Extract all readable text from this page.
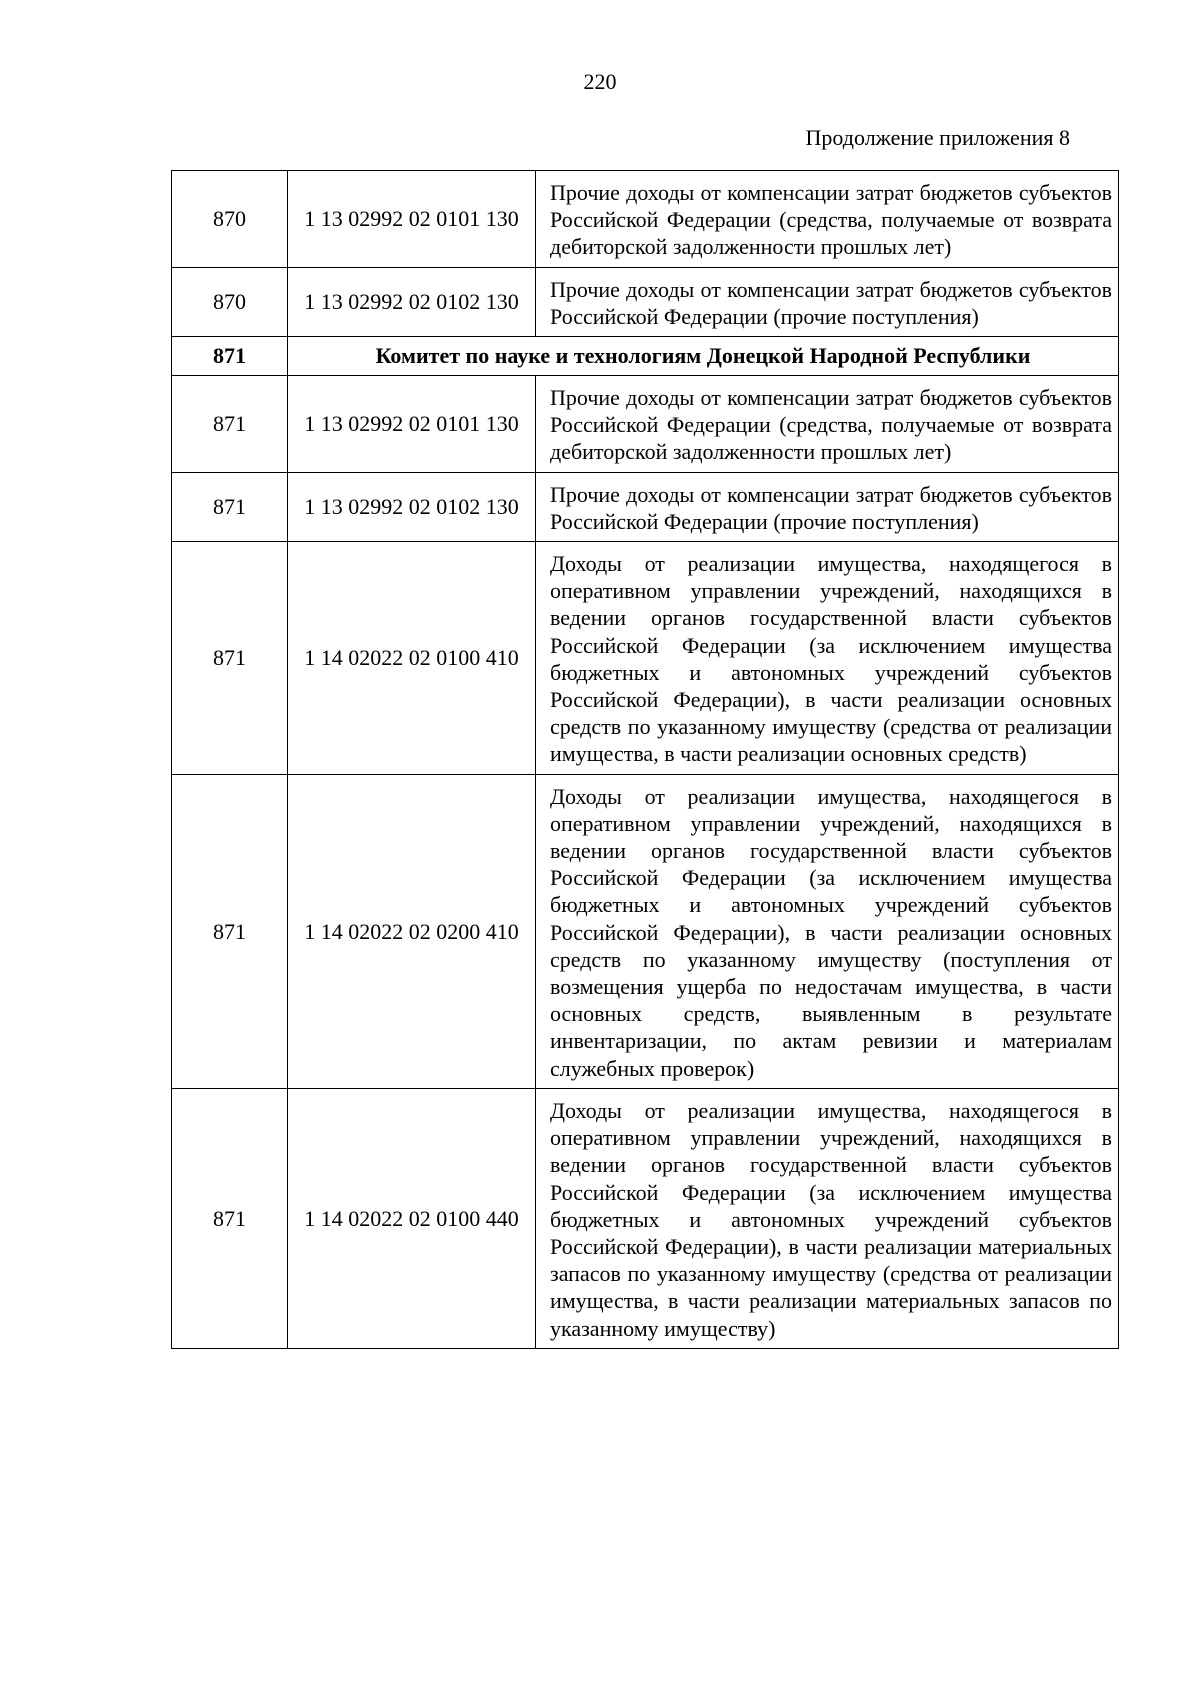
220
Продолжение приложения 8
870	1 13 02992 02 0101 130	Прочие доходы от компенсации затрат бюджетов субъектов Российской Федерации (средства, получаемые от возврата дебиторской задолженности прошлых лет)
870	1 13 02992 02 0102 130	Прочие доходы от компенсации затрат бюджетов субъектов Российской Федерации (прочие поступления)
871	Комитет по науке и технологиям Донецкой Народной Республики	
871	1 13 02992 02 0101 130	Прочие доходы от компенсации затрат бюджетов субъектов Российской Федерации (средства, получаемые от возврата дебиторской задолженности прошлых лет)
871	1 13 02992 02 0102 130	Прочие доходы от компенсации затрат бюджетов субъектов Российской Федерации (прочие поступления)
871	1 14 02022 02 0100 410	Доходы от реализации имущества, находящегося в оперативном управлении учреждений, находящихся в ведении органов государственной власти субъектов Российской Федерации (за исключением имущества бюджетных и автономных учреждений субъектов Российской Федерации), в части реализации основных средств по указанному имуществу (средства от реализации имущества, в части реализации основных средств)
871	1 14 02022 02 0200 410	Доходы от реализации имущества, находящегося в оперативном управлении учреждений, находящихся в ведении органов государственной власти субъектов Российской Федерации (за исключением имущества бюджетных и автономных учреждений субъектов Российской Федерации), в части реализации основных средств по указанному имуществу (поступления от возмещения ущерба по недостачам имущества, в части основных средств, выявленным в результате инвентаризации, по актам ревизии и материалам служебных проверок)
871	1 14 02022 02 0100 440	Доходы от реализации имущества, находящегося в оперативном управлении учреждений, находящихся в ведении органов государственной власти субъектов Российской Федерации (за исключением имущества бюджетных и автономных учреждений субъектов Российской Федерации), в части реализации материальных запасов по указанному имуществу (средства от реализации имущества, в части реализации материальных запасов по указанному имуществу)
